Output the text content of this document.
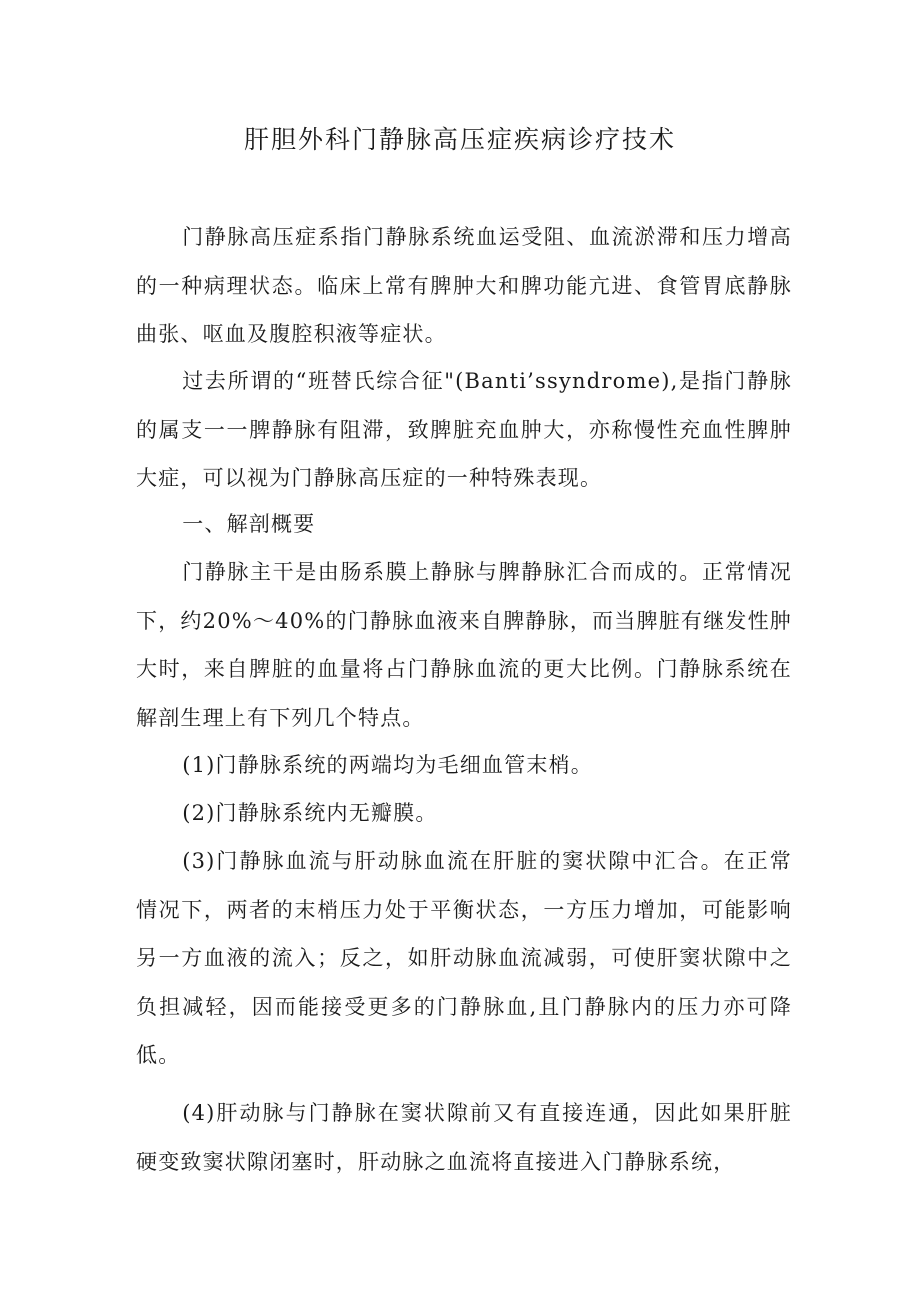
肝胆外科门静脉高压症疾病诊疗技术

门静脉高压症系指门静脉系统血运受阻、血流淤滞和压力增高的一种病理状态。临床上常有脾肿大和脾功能亢进、食管胃底静脉曲张、呕血及腹腔积液等症状。

过去所谓的“班替氏综合征"(Banti’ssyndrome),是指门静脉的属支一一脾静脉有阻滞，致脾脏充血肿大，亦称慢性充血性脾肿大症，可以视为门静脉高压症的一种特殊表现。

一、解剖概要

门静脉主干是由肠系膜上静脉与脾静脉汇合而成的。正常情况下，约20%～40%的门静脉血液来自脾静脉，而当脾脏有继发性肿大时，来自脾脏的血量将占门静脉血流的更大比例。门静脉系统在解剖生理上有下列几个特点。

(1)门静脉系统的两端均为毛细血管末梢。

(2)门静脉系统内无瓣膜。

(3)门静脉血流与肝动脉血流在肝脏的窦状隙中汇合。在正常情况下，两者的末梢压力处于平衡状态，一方压力增加，可能影响另一方血液的流入；反之，如肝动脉血流减弱，可使肝窦状隙中之负担减轻，因而能接受更多的门静脉血,且门静脉内的压力亦可降低。

(4)肝动脉与门静脉在窦状隙前又有直接连通，因此如果肝脏硬变致窦状隙闭塞时，肝动脉之血流将直接进入门静脉系统，
